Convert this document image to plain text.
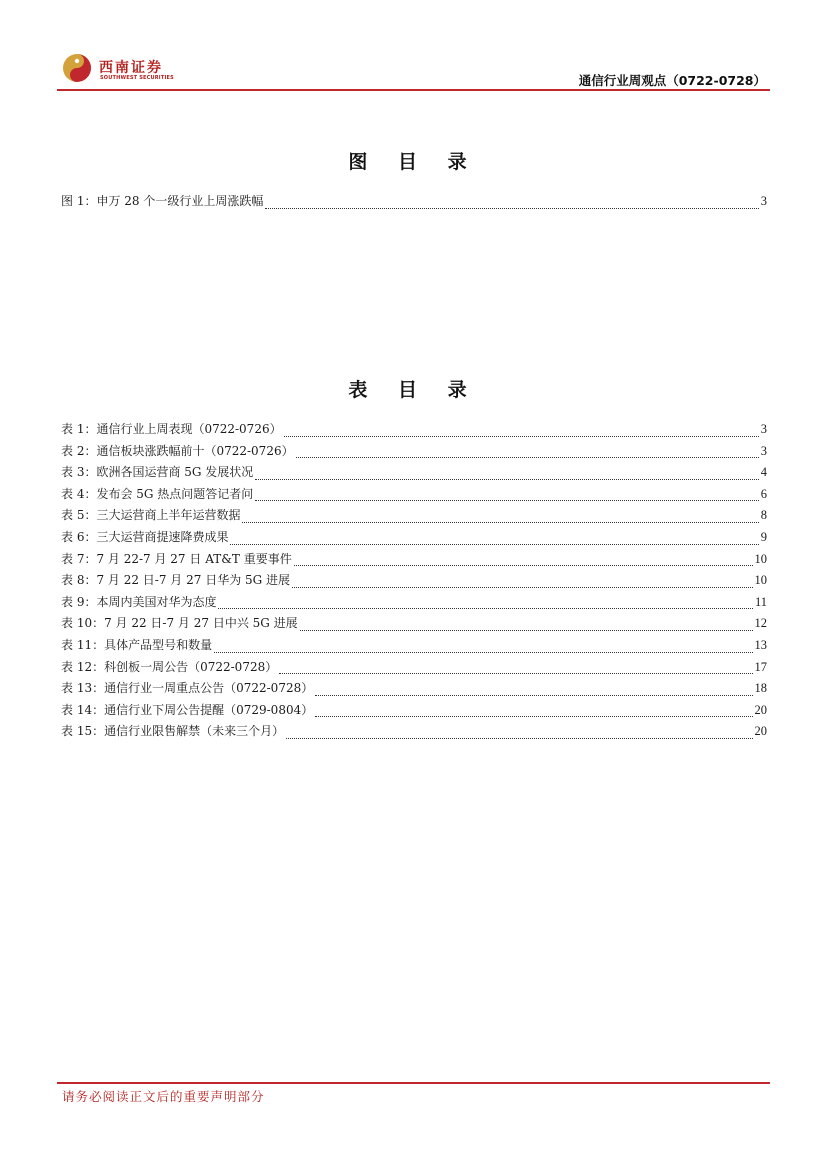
西南证券
SOUTHWEST SECURITIES	通信行业周观点（0722-0728）
图 目 录
图 1：申万 28 个一级行业上周涨跌幅	3
表 目 录
表 1：通信行业上周表现（0722-0726）	3
表 2：通信板块涨跌幅前十（0722-0726）	3
表 3：欧洲各国运营商 5G 发展状况	4
表 4：发布会 5G 热点问题答记者问	6
表 5：三大运营商上半年运营数据	8
表 6：三大运营商提速降费成果	9
表 7：7 月 22-7 月 27 日 AT&T 重要事件	10
表 8：7 月 22 日-7 月 27 日华为 5G 进展	10
表 9：本周内美国对华为态度	11
表 10：7 月 22 日-7 月 27 日中兴 5G 进展	12
表 11：具体产品型号和数量	13
表 12：科创板一周公告（0722-0728）	17
表 13：通信行业一周重点公告（0722-0728）	18
表 14：通信行业下周公告提醒（0729-0804）	20
表 15：通信行业限售解禁（未来三个月）	20
请务必阅读正文后的重要声明部分
